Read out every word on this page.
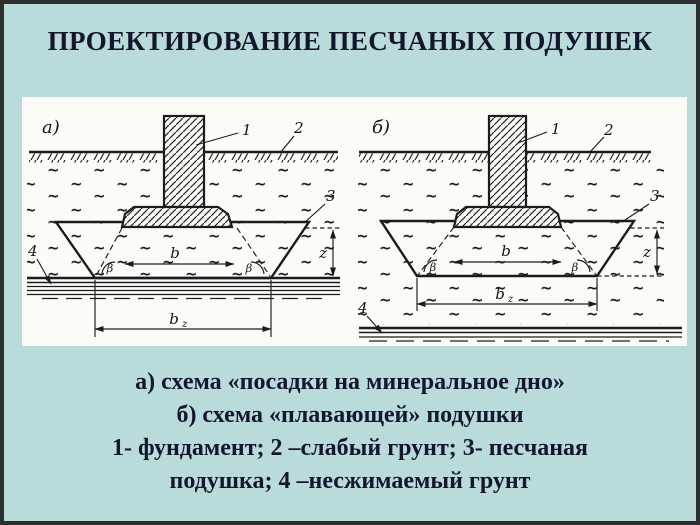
ПРОЕКТИРОВАНИЕ ПЕСЧАНЫХ ПОДУШЕК
b
β	β
z
b z
а)	1	2
3
4	b
β	β
z
b z
б)	1	2
3
4
а) схема «посадки на минеральное дно»
б) схема «плавающей» подушки
1- фундамент; 2 –слабый грунт; 3- песчаная
подушка; 4 –несжимаемый грунт
